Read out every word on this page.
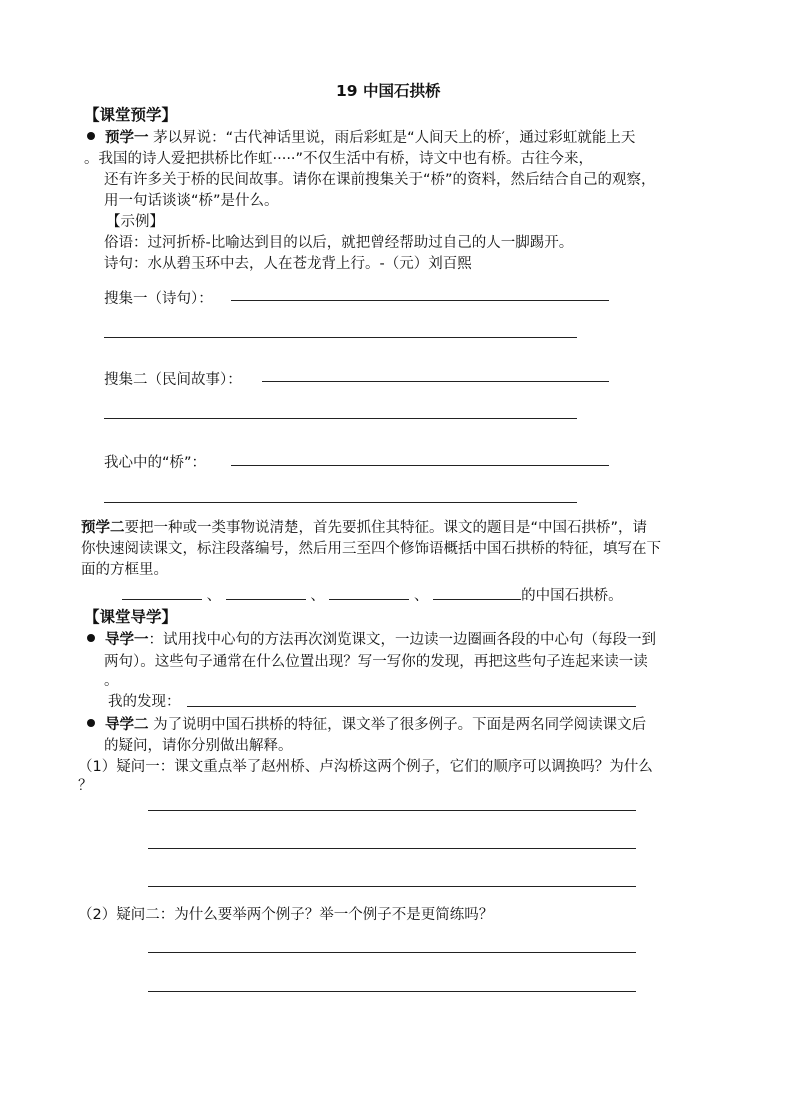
19 中国石拱桥
【课堂预学】
预学一 茅以昇说：“古代神话里说，雨后彩虹是“人间天上的桥′，通过彩虹就能上天
。我国的诗人爱把拱桥比作虹·····”不仅生活中有桥，诗文中也有桥。古往今来，
还有许多关于桥的民间故事。请你在课前搜集关于“桥”的资料，然后结合自己的观察，
用一句话谈谈“桥”是什么。
【示例】
俗语：过河折桥-比喻达到目的以后，就把曾经帮助过自己的人一脚踢开。
诗句：水从碧玉环中去，人在苍龙背上行。-（元）刘百熙
搜集一（诗句）：
搜集二（民间故事）：
我心中的“桥”：
预学二要把一种或一类事物说清楚，首先要抓住其特征。课文的题目是“中国石拱桥”，请
你快速阅读课文，标注段落编号，然后用三至四个修饰语概括中国石拱桥的特征，填写在下
面的方框里。
、	、	、	的中国石拱桥。
【课堂导学】
导学一：试用找中心句的方法再次浏览课文，一边读一边圈画各段的中心句（每段一到
两句）。这些句子通常在什么位置出现？写一写你的发现，再把这些句子连起来读一读
。
我的发现：
导学二 为了说明中国石拱桥的特征，课文举了很多例子。下面是两名同学阅读课文后
的疑问，请你分别做出解释。
（1）疑问一：课文重点举了赵州桥、卢沟桥这两个例子，它们的顺序可以调换吗？为什么
？
（2）疑问二：为什么要举两个例子？举一个例子不是更简练吗？
